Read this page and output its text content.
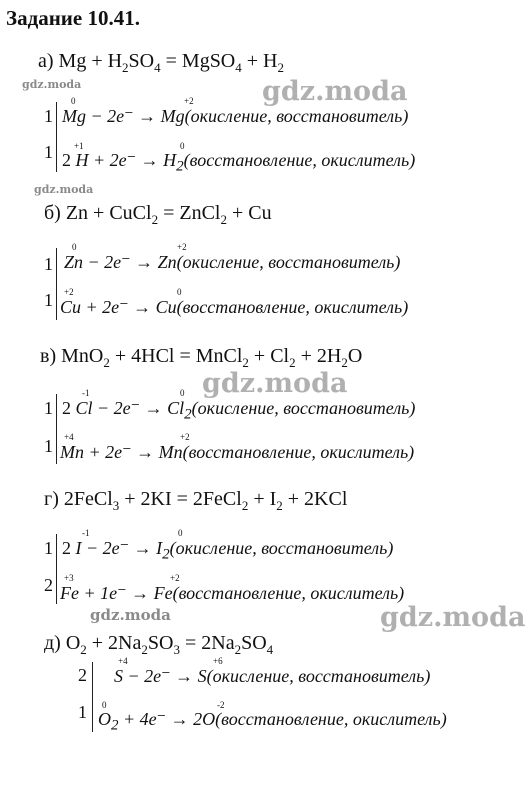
Задание 10.41.
gdz.moda	gdz.moda
gdz.moda
gdz.moda
gdz.moda	gdz.moda
а) $Mg + H_2SO_4$ = MgSO$_4$ + $H_2$
1
1
0	+2
Mg − 2e⁻ → Mg(окисление, восстановитель)
+1	0
2 $H + 2e^- \to H_2(восстановление$, окислитель)
б) Zn + CuCl$_2$ = ZnCl$_2$ + Cu
1
1
0	+2
Zn − 2e⁻ → Zn(окисление, восстановитель)
+2	0
Cu + 2e⁻ → Cu(восстановление, окислитель)
в) MnO$_2$ + 4HCl = MnCl$_2$ + $Cl_2 + 2H_2O$
1
1
-1	0
2 $Cl - 2e^- \to Cl_2(окисление$, восстановитель)
+4	+2
Mn + 2e⁻ → Mn(восстановление, окислитель)
г) 2FeCl$_3$ + 2KI = 2FeCl$_2$ + $I_2 + 2KCl$
1
2
-1	0
2 $I - 2e^- \to I_2(окисление$, восстановитель)
+3	+2
Fe + 1e⁻ → Fe(восстановление, окислитель)
д) $O_2 + 2Na_2SO_3 = 2Na_2SO_4$
2
1
+4	+6
S − 2e⁻ → S(окисление, восстановитель)
0	-2
$O_2 + 4e^-$ → 2O(восстановление, окислитель)
